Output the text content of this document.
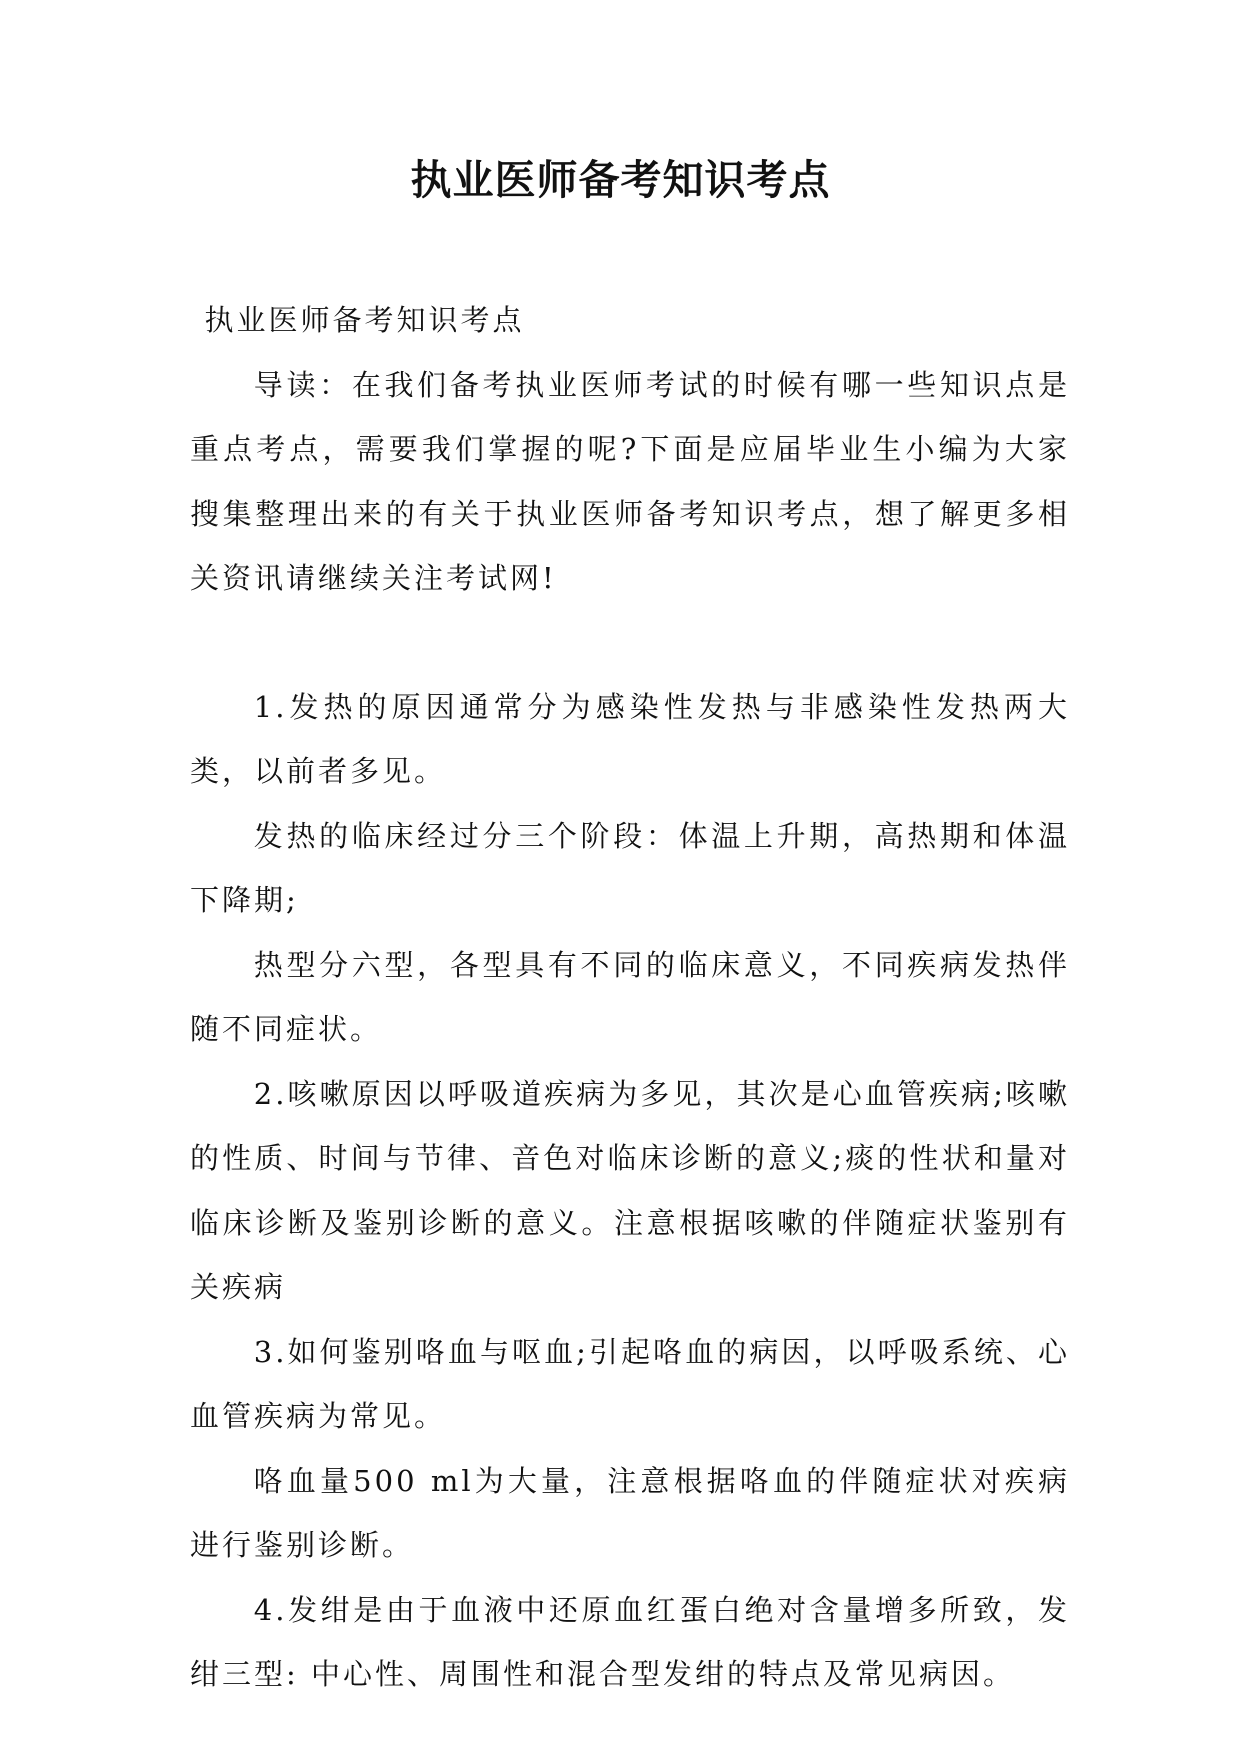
执业医师备考知识考点

执业医师备考知识考点

导读：在我们备考执业医师考试的时候有哪一些知识点是重点考点，需要我们掌握的呢?下面是应届毕业生小编为大家搜集整理出来的有关于执业医师备考知识考点，想了解更多相关资讯请继续关注考试网!

1.发热的原因通常分为感染性发热与非感染性发热两大类，以前者多见。

发热的临床经过分三个阶段：体温上升期，高热期和体温下降期;

热型分六型，各型具有不同的临床意义，不同疾病发热伴随不同症状。

2.咳嗽原因以呼吸道疾病为多见，其次是心血管疾病;咳嗽的性质、时间与节律、音色对临床诊断的意义;痰的性状和量对临床诊断及鉴别诊断的意义。注意根据咳嗽的伴随症状鉴别有关疾病

3.如何鉴别咯血与呕血;引起咯血的病因，以呼吸系统、心血管疾病为常见。

咯血量500 ml为大量，注意根据咯血的伴随症状对疾病进行鉴别诊断。

4.发绀是由于血液中还原血红蛋白绝对含量增多所致，发绀三型: 中心性、周围性和混合型发绀的特点及常见病因。
